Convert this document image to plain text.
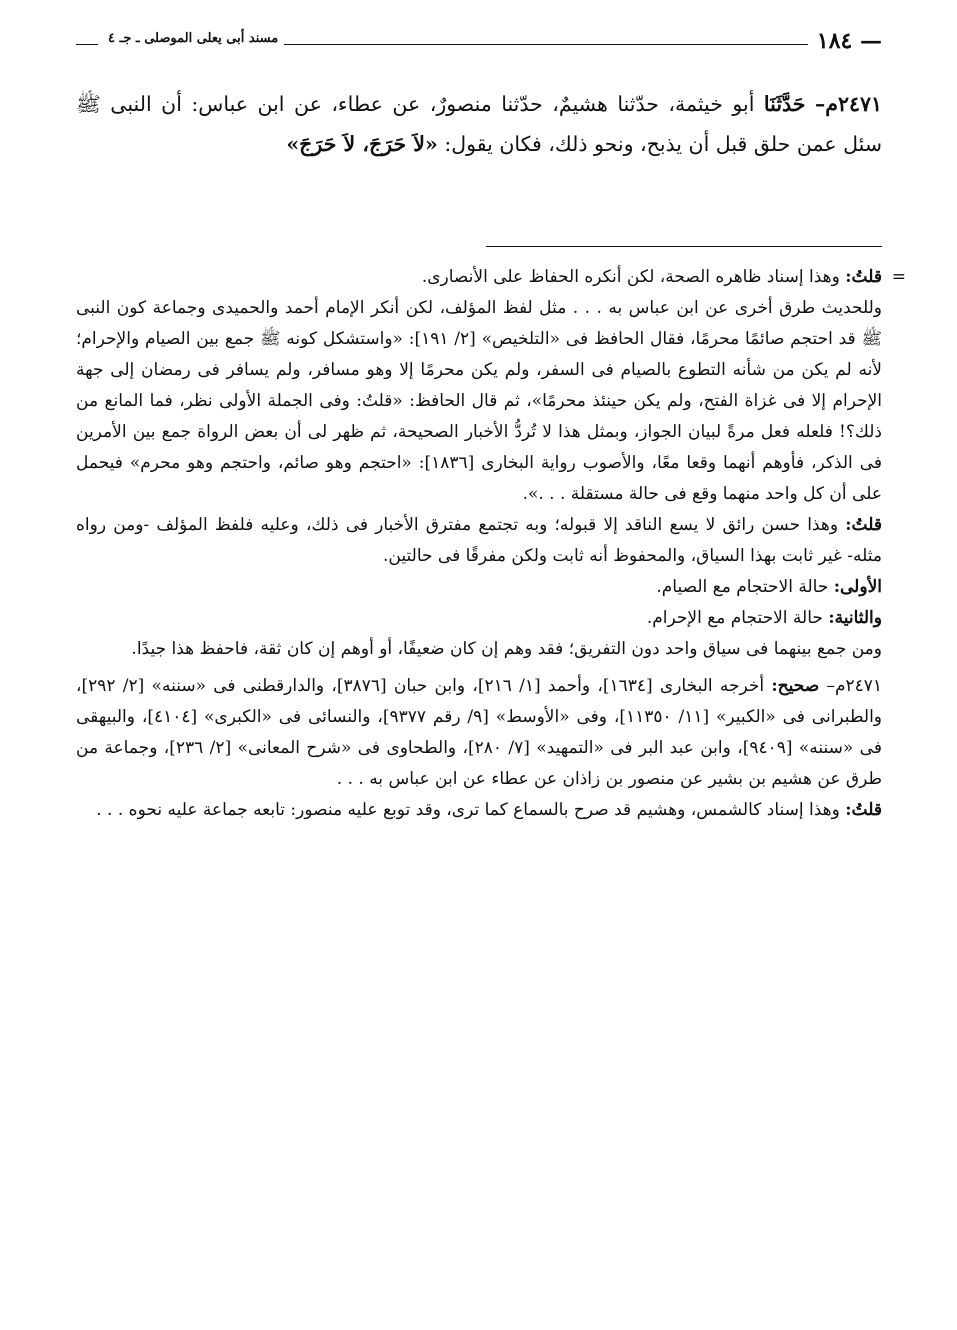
— ١٨٤
مسند أبى يعلى الموصلى ـ جـ ٤
٢٤٧١م– حَدَّثَنَا أبو خيثمة، حدّثنا هشيمٌ، حدّثنا منصورٌ، عن عطاء، عن ابن عباس: أن النبى ﷺ سئل عمن حلق قبل أن يذبح، ونحو ذلك، فكان يقول: «لاَ حَرَجَ، لاَ حَرَجَ»

=
قلتُ: وهذا إسناد ظاهره الصحة، لكن أنكره الحفاظ على الأنصارى.

وللحديث طرق أخرى عن ابن عباس به . . . مثل لفظ المؤلف، لكن أنكر الإمام أحمد والحميدى وجماعة كون النبى ﷺ قد احتجم صائمًا محرمًا، فقال الحافظ فى «التلخيص» [٢/ ١٩١]: «واستشكل كونه ﷺ جمع بين الصيام والإحرام؛ لأنه لم يكن من شأنه التطوع بالصيام فى السفر، ولم يكن محرمًا إلا وهو مسافر، ولم يسافر فى رمضان إلى جهة الإحرام إلا فى غزاة الفتح، ولم يكن حينئذ محرمًا»، ثم قال الحافظ: «قلتُ: وفى الجملة الأولى نظر، فما المانع من ذلك؟! فلعله فعل مرةً لبيان الجواز، وبمثل هذا لا تُردُّ الأخبار الصحيحة، ثم ظهر لى أن بعض الرواة جمع بين الأمرين فى الذكر، فأوهم أنهما وقعا معًا، والأصوب رواية البخارى [١٨٣٦]: «احتجم وهو صائم، واحتجم وهو محرم» فيحمل على أن كل واحد منهما وقع فى حالة مستقلة . . .».

قلتُ: وهذا حسن رائق لا يسع الناقد إلا قبوله؛ وبه تجتمع مفترق الأخبار فى ذلك، وعليه فلفظ المؤلف -ومن رواه مثله- غير ثابت بهذا السياق، والمحفوظ أنه ثابت ولكن مفرقًا فى حالتين.

الأولى: حالة الاحتجام مع الصيام.

والثانية: حالة الاحتجام مع الإحرام.

ومن جمع بينهما فى سياق واحد دون التفريق؛ فقد وهم إن كان ضعيفًا، أو أوهم إن كان ثقة، فاحفظ هذا جيدًا.

٢٤٧١م– صحيح: أخرجه البخارى [١٦٣٤]، وأحمد [١/ ٢١٦]، وابن حبان [٣٨٧٦]، والدارقطنى فى «سننه» [٢/ ٢٩٢]، والطبرانى فى «الكبير» [١١/ ١١٣٥٠]، وفى «الأوسط» [٩/ رقم ٩٣٧٧]، والنسائى فى «الكبرى» [٤١٠٤]، والبيهقى فى «سننه» [٩٤٠٩]، وابن عبد البر فى «التمهيد» [٧/ ٢٨٠]، والطحاوى فى «شرح المعانى» [٢/ ٢٣٦]، وجماعة من طرق عن هشيم بن بشير عن منصور بن زاذان عن عطاء عن ابن عباس به . . .

قلتُ: وهذا إسناد كالشمس، وهشيم قد صرح بالسماع كما ترى، وقد توبع عليه منصور: تابعه جماعة عليه نحوه . . .
